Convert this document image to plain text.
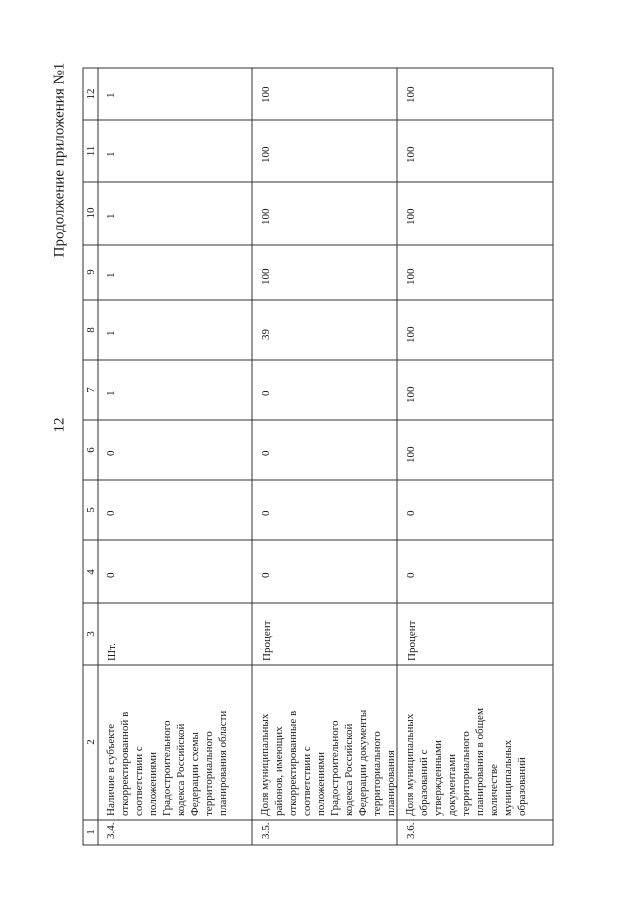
12
Продолжение приложения №1
1
2
3
4
5
6
7
8
9
10
11
12
3.4.
Наличие в субъекте откорректированной в соответствии с положениями Градостроительного кодекса Российской Федерации схемы территориального планирования области
Шт.
0
0
0
1
1
1
1
1
1
3.5.
Доля муниципальных районов, имеющих откорректированные в соответствии с положениями Градостроительного кодекса Российской Федерации документы территориального планирования
Процент
0
0
0
0
39
100
100
100
100
3.6.
Доля муниципальных образований с утвержденными документами территориального планирования в общем количестве муниципальных образований
Процент
0
0
100
100
100
100
100
100
100
